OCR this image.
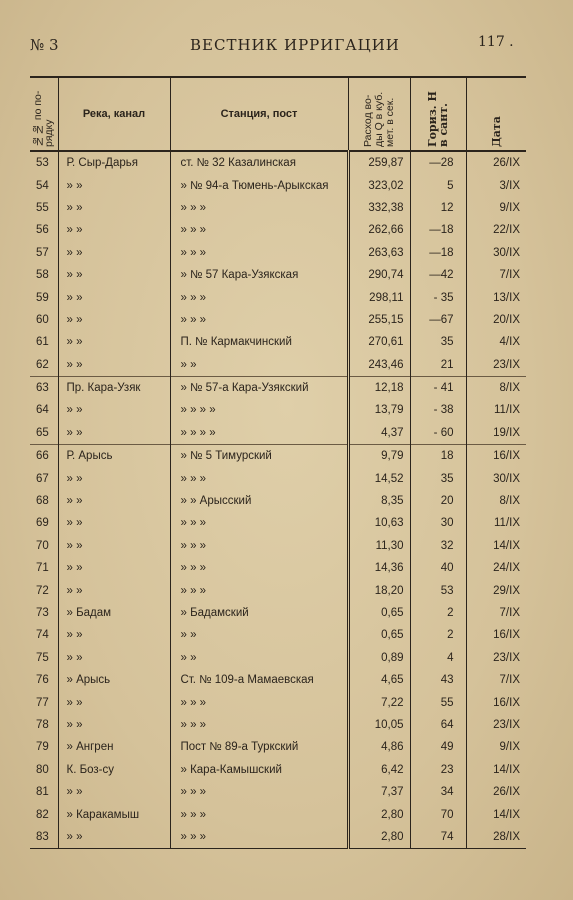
№ 3	ВЕСТНИК ИРРИГАЦИИ	117 .
№№ по по-
рядку	Река, канал	Станция, пост	Расход во-
ды Q в куб.
мет. в сек.	Гориз. Н
в сант.	Дата

53	Р. Сыр-Дарья	ст. № 32 Казалинская	259,87	—28	26/IX
54	» »	» № 94-а Тюмень-Арыкская	323,02	5	3/IX
55	» »	» » »	332,38	12	9/IX
56	» »	» » »	262,66	—18	22/IX
57	» »	» » »	263,63	—18	30/IX
58	» »	» № 57 Кара-Узякская	290,74	—42	7/IX
59	» »	» » »	298,11	- 35	13/IX
60	» »	» » »	255,15	—67	20/IX
61	» »	П. № Кармакчинский	270,61	35	4/IX
62	» »	» »	243,46	21	23/IX
63	Пр. Кара-Узяк	» № 57-а Кара-Узякский	12,18	- 41	8/IX
64	» »	» » » »	13,79	- 38	11/IX
65	» »	» » » »	4,37	- 60	19/IX
66	Р. Арысь	» № 5 Тимурский	9,79	18	16/IX
67	» »	» » »	14,52	35	30/IX
68	» »	» » Арысский	8,35	20	8/IX
69	» »	» » »	10,63	30	11/IX
70	» »	» » »	11,30	32	14/IX
71	» »	» » »	14,36	40	24/IX
72	» »	» » »	18,20	53	29/IX
73	» Бадам	» Бадамский	0,65	2	7/IX
74	» »	» »	0,65	2	16/IX
75	» »	» »	0,89	4	23/IX
76	» Арысь	Ст. № 109-а Мамаевская	4,65	43	7/IX
77	» »	» » »	7,22	55	16/IX
78	» »	» » »	10,05	64	23/IX
79	» Ангрен	Пост № 89-а Туркский	4,86	49	9/IX
80	К. Боз-су	» Кара-Камышский	6,42	23	14/IX
81	» »	» » »	7,37	34	26/IX
82	» Каракамыш	» » »	2,80	70	14/IX
83	» »	» » »	2,80	74	28/IX
